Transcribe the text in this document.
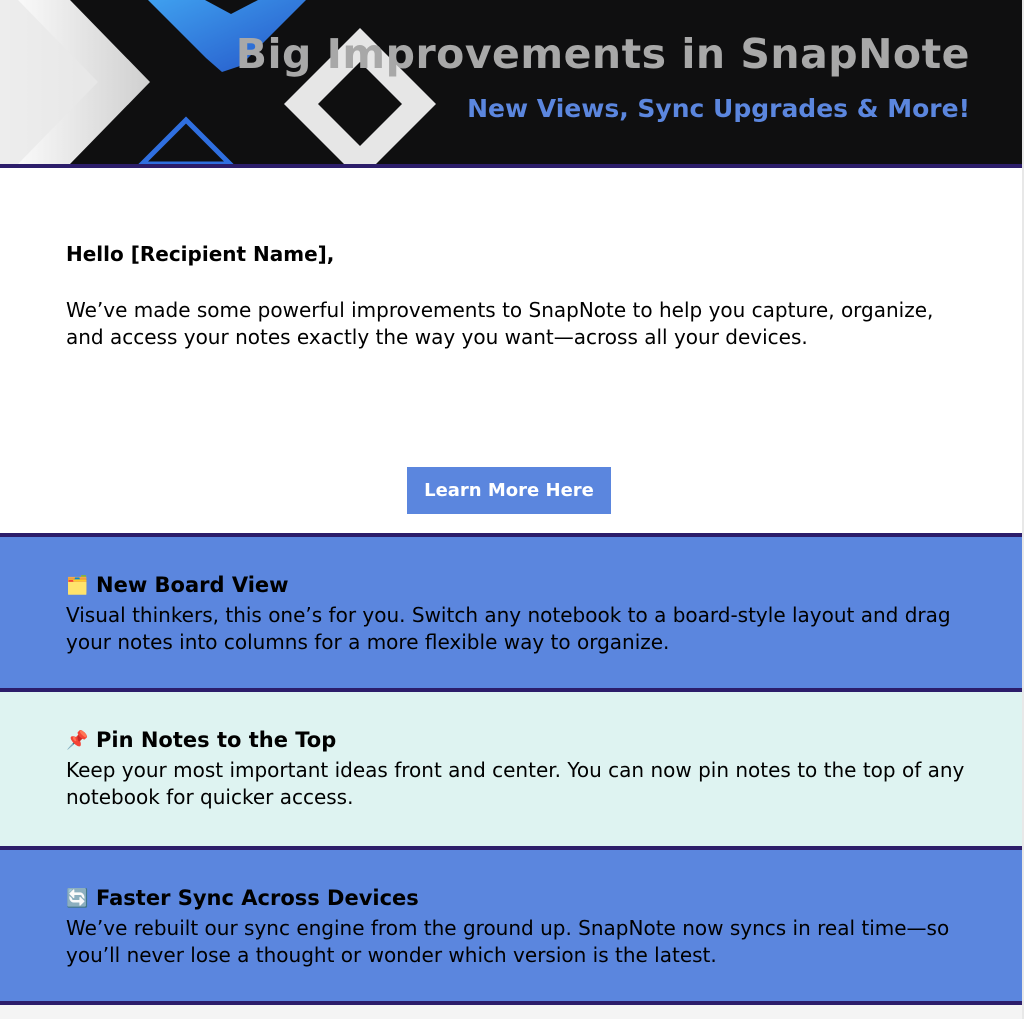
Big Improvements in SnapNote
New Views, Sync Upgrades & More!
Hello [Recipient Name],
We’ve made some powerful improvements to SnapNote to help you capture, organize, and access your notes exactly the way you want—across all your devices.
Learn More Here
🗂️ New Board View
Visual thinkers, this one’s for you. Switch any notebook to a board-style layout and drag your notes into columns for a more flexible way to organize.
📌 Pin Notes to the Top
Keep your most important ideas front and center. You can now pin notes to the top of any notebook for quicker access.
🔄 Faster Sync Across Devices
We’ve rebuilt our sync engine from the ground up. SnapNote now syncs in real time—so you’ll never lose a thought or wonder which version is the latest.
